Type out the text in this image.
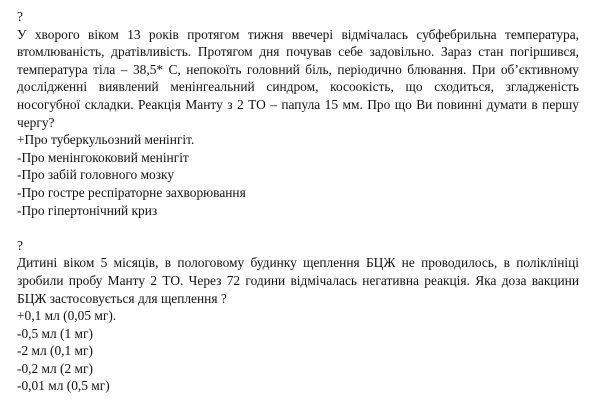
?

У хворого віком 13 років протягом тижня ввечері відмічалась субфебрильна температура, втомлюваність, дратівливість. Протягом дня почував себе задовільно. Зараз стан погіршився, температура тіла – 38,5* С, непокоїть головний біль, періодично блювання. При об’єктивному дослідженні виявлений менінгеальний синдром, косоокість, що сходиться, згладженість носогубної складки. Реакція Манту з 2 ТО – папула 15 мм. Про що Ви повинні думати в першу чергу?

+Про туберкульозний менінгіт.
-Про менінгококовий менінгіт
-Про забій головного мозку
-Про гостре респіраторне захворювання
-Про гіпертонічний криз
?

Дитині віком 5 місяців, в пологовому будинку щеплення БЦЖ не проводилось, в поліклініці зробили пробу Манту 2 ТО. Через 72 години відмічалась негативна реакція. Яка доза вакцини БЦЖ застосовується для щеплення ?

+0,1 мл (0,05 мг).
-0,5 мл (1 мг)
-2 мл (0,1 мг)
-0,2 мл (2 мг)
-0,01 мл (0,5 мг)
